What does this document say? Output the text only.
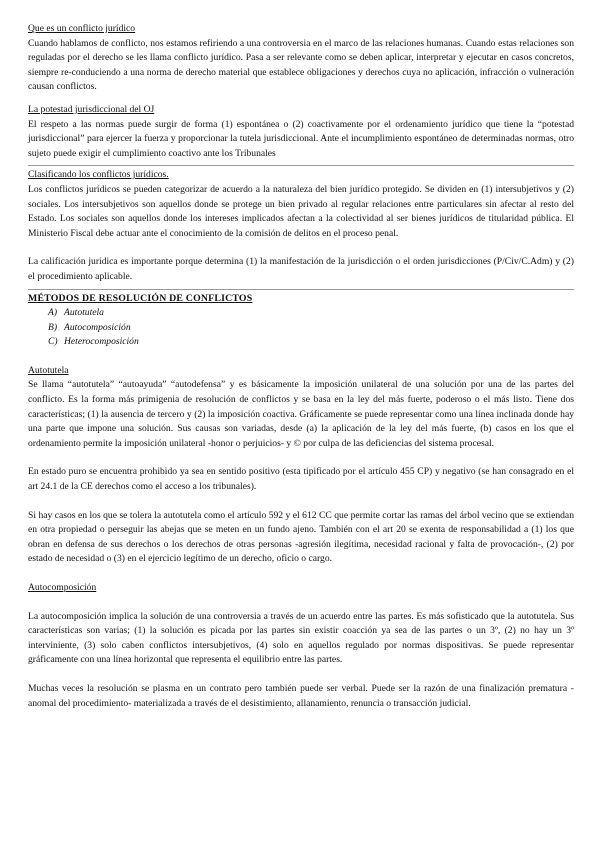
Que es un conflicto jurídico

Cuando hablamos de conflicto, nos estamos refiriendo a una controversia en el marco de las relaciones humanas. Cuando estas relaciones son reguladas por el derecho se les llama conflicto jurídico. Pasa a ser relevante como se deben aplicar, interpretar y ejecutar en casos concretos, siempre re-conduciendo a una norma de derecho material que establece obligaciones y derechos cuya no aplicación, infracción o vulneración causan conflictos.

La potestad jurisdiccional del OJ

El respeto a las normas puede surgir de forma (1) espontánea o (2) coactivamente por el ordenamiento jurídico que tiene la “potestad jurisdiccional” para ejercer la fuerza y proporcionar la tutela jurisdiccional. Ante el incumplimiento espontáneo de determinadas normas, otro sujeto puede exigir el cumplimiento coactivo ante los Tribunales

Clasificando los conflictos jurídicos.

Los conflictos jurídicos se pueden categorizar de acuerdo a la naturaleza del bien jurídico protegido. Se dividen en (1) intersubjetivos y (2) sociales. Los intersubjetivos son aquellos donde se protege un bien privado al regular relaciones entre particulares sin afectar al resto del Estado. Los sociales son aquellos donde los intereses implicados afectan a la colectividad al ser bienes jurídicos de titularidad pública. El Ministerio Fiscal debe actuar ante el conocimiento de la comisión de delitos en el proceso penal.

La calificación jurídica es importante porque determina (1) la manifestación de la jurisdicción o el orden jurisdicciones (P/Civ/C.Adm) y (2) el procedimiento aplicable.

MÉTODOS DE RESOLUCIÓN DE CONFLICTOS
A) Autotutela
B) Autocomposición
C) Heterocomposición
Autotutela

Se llama “autotutela” “autoayuda” “autodefensa” y es básicamente la imposición unilateral de una solución por una de las partes del conflicto. Es la forma más primigenia de resolución de conflictos y se basa en la ley del más fuerte, poderoso o el más listo. Tiene dos características; (1) la ausencia de tercero y (2) la imposición coactiva. Gráficamente se puede representar como una línea inclinada donde hay una parte que impone una solución. Sus causas son variadas, desde (a) la aplicación de la ley del más fuerte, (b) casos en los que el ordenamiento permite la imposición unilateral -honor o perjuicios- y © por culpa de las deficiencias del sistema procesal.

En estado puro se encuentra prohibido ya sea en sentido positivo (esta tipificado por el artículo 455 CP) y negativo (se han consagrado en el art 24.1 de la CE derechos como el acceso a los tribunales).

Si hay casos en los que se tolera la autotutela como el artículo 592 y el 612 CC que permite cortar las ramas del árbol vecino que se extiendan en otra propiedad o perseguir las abejas que se meten en un fundo ajeno. También con el art 20 se exenta de responsabilidad a (1) los que obran en defensa de sus derechos o los derechos de otras personas -agresión ilegítima, necesidad racional y falta de provocación-, (2) por estado de necesidad o (3) en el ejercicio legítimo de un derecho, oficio o cargo.

Autocomposición

La autocomposición implica la solución de una controversia a través de un acuerdo entre las partes. Es más sofisticado que la autotutela. Sus características son varias; (1) la solución es picada por las partes sin existir coacción ya sea de las partes o un 3º, (2) no hay un 3º interviniente, (3) solo caben conflictos intersubjetivos, (4) solo en aquellos regulado por normas dispositivas. Se puede representar gráficamente con una línea horizontal que representa el equilibrio entre las partes.

Muchas veces la resolución se plasma en un contrato pero también puede ser verbal. Puede ser la razón de una finalización prematura -anomal del procedimiento- materializada a través de el desistimiento, allanamiento, renuncia o transacción judicial.
